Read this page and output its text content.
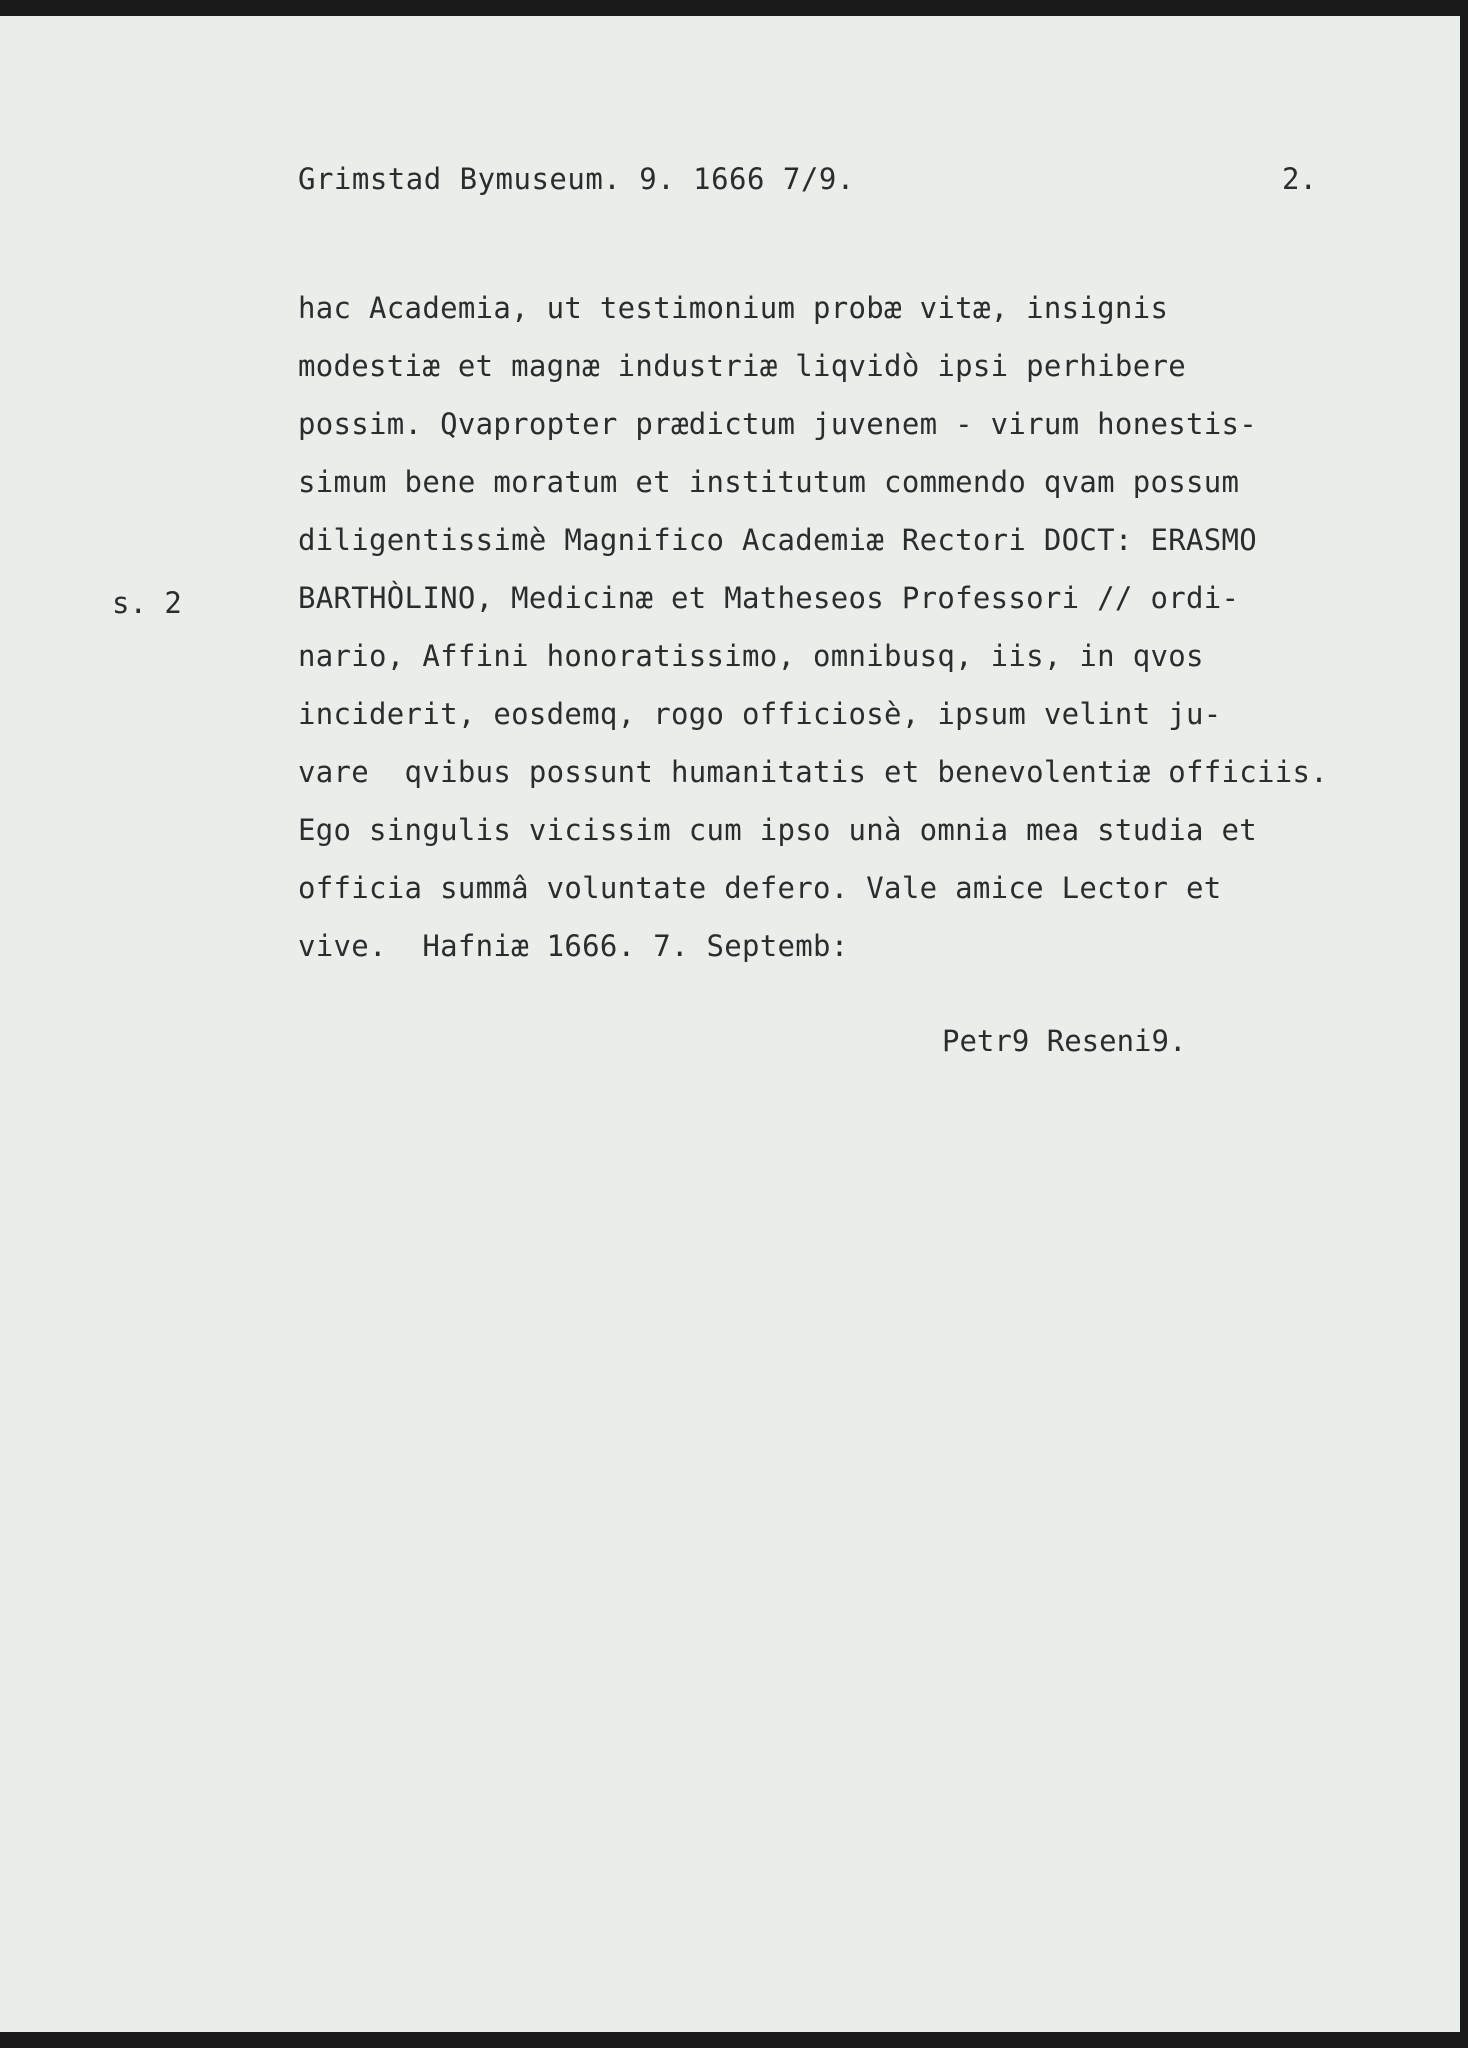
Grimstad Bymuseum. 9. 1666 7/9.	2.
s. 2
hac Academia, ut testimonium probæ vitæ, insignis
modestiæ et magnæ industriæ liqvidò ipsi perhibere
possim. Qvapropter prædictum juvenem - virum honestis-
simum bene moratum et institutum commendo qvam possum
diligentissimè Magnifico Academiæ Rectori DOCT: ERASMO
BARTHÒLINO, Medicinæ et Matheseos Professori // ordi-
nario, Affini honoratissimo, omnibusq, iis, in qvos
inciderit, eosdemq, rogo officiosè, ipsum velint ju-
vare  qvibus possunt humanitatis et benevolentiæ officiis.
Ego singulis vicissim cum ipso unà omnia mea studia et
officia summâ voluntate defero. Vale amice Lector et
vive.  Hafniæ 1666. 7. Septemb:
Petr9 Reseni9.
